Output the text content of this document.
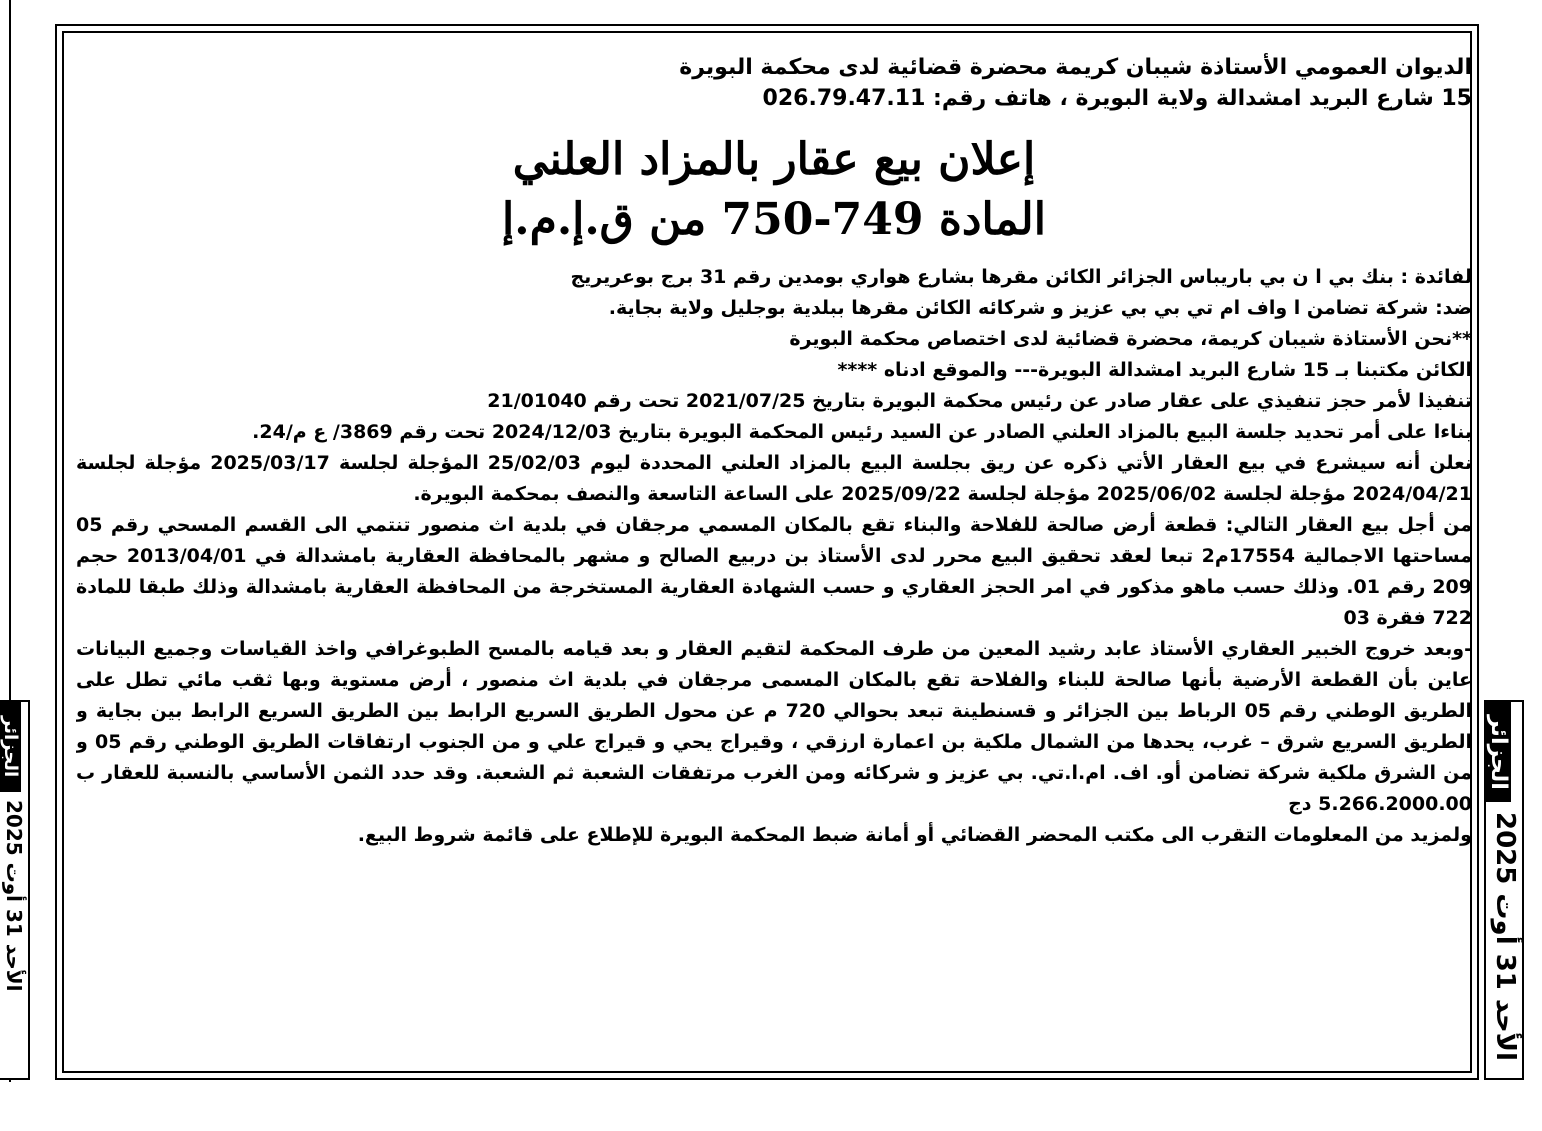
الجزائر
الأحد 31 أوت 2025
الديوان العمومي الأستاذة شيبان كريمة محضرة قضائية لدى محكمة البويرة
15 شارع البريد امشدالة ولاية البويرة ، هاتف رقم: 026.79.47.11
إعلان بيع عقار بالمزاد العلني
المادة 749-750 من ق.إ.م.إ

لفائدة : بنك بي ا ن بي باريباس الجزائر الكائن مقرها بشارع هواري بومدين رقم 31 برج بوعريريج

ضد: شركة تضامن ا واف ام تي بي بي عزيز و شركائه الكائن مقرها ببلدية بوجليل ولاية بجاية.

**نحن الأستاذة شيبان كريمة، محضرة قضائية لدى اختصاص محكمة البويرة

الكائن مكتبنا بـ 15 شارع البريد امشدالة البويرة--- والموقع ادناه ****

تنفيذا لأمر حجز تنفيذي على عقار صادر عن رئيس محكمة البويرة بتاريخ 2021/07/25 تحت رقم 21/01040

بناءا على أمر تحديد جلسة البيع بالمزاد العلني الصادر عن السيد رئيس المحكمة البويرة بتاريخ 2024/12/03 تحت رقم 3869/ ع م/24.

نعلن أنه سيشرع في بيع العقار الأتي ذكره عن ريق بجلسة البيع بالمزاد العلني المحددة ليوم 25/02/03 المؤجلة لجلسة 2025/03/17 مؤجلة لجلسة 2024/04/21 مؤجلة لجلسة 2025/06/02 مؤجلة لجلسة 2025/09/22 على الساعة التاسعة والنصف بمحكمة البويرة.

من أجل بيع العقار التالي: قطعة أرض صالحة للفلاحة والبناء تقع بالمكان المسمي مرجقان في بلدية اث منصور تنتمي الى القسم المسحي رقم 05 مساحتها الاجمالية 17554م2 تبعا لعقد تحقيق البيع محرر لدى الأستاذ بن دربيع الصالح و مشهر بالمحافظة العقارية بامشدالة في 2013/04/01 حجم 209 رقم 01. وذلك حسب ماهو مذكور في امر الحجز العقاري و حسب الشهادة العقارية المستخرجة من المحافظة العقارية بامشدالة وذلك طبقا للمادة 722 فقرة 03

-وبعد خروج الخبير العقاري الأستاذ عابد رشيد المعين من طرف المحكمة لتقيم العقار و بعد قيامه بالمسح الطبوغرافي واخذ القياسات وجميع البيانات عاين بأن القطعة الأرضية بأنها صالحة للبناء والفلاحة تقع بالمكان المسمى مرجقان في بلدية اث منصور ، أرض مستوية وبها ثقب مائي تطل على الطريق الوطني رقم 05 الرباط بين الجزائر و قسنطينة تبعد بحوالي 720 م عن محول الطريق السريع الرابط بين الطريق السريع الرابط بين بجاية و الطريق السريع شرق – غرب، يحدها من الشمال ملكية بن اعمارة ارزقي ، وقيراج يحي و قيراج علي و من الجنوب ارتفاقات الطريق الوطني رقم 05 و من الشرق ملكية شركة تضامن أو. اف. ام.ا.تي. بي عزيز و شركائه ومن الغرب مرتفقات الشعبة ثم الشعبة. وقد حدد الثمن الأساسي بالنسبة للعقار ب 5.266.2000.00 دج

ولمزيد من المعلومات التقرب الى مكتب المحضر القضائي أو أمانة ضبط المحكمة البويرة للإطلاع على قائمة شروط البيع.

الجزائر
الأحد 31 أوت 2025
